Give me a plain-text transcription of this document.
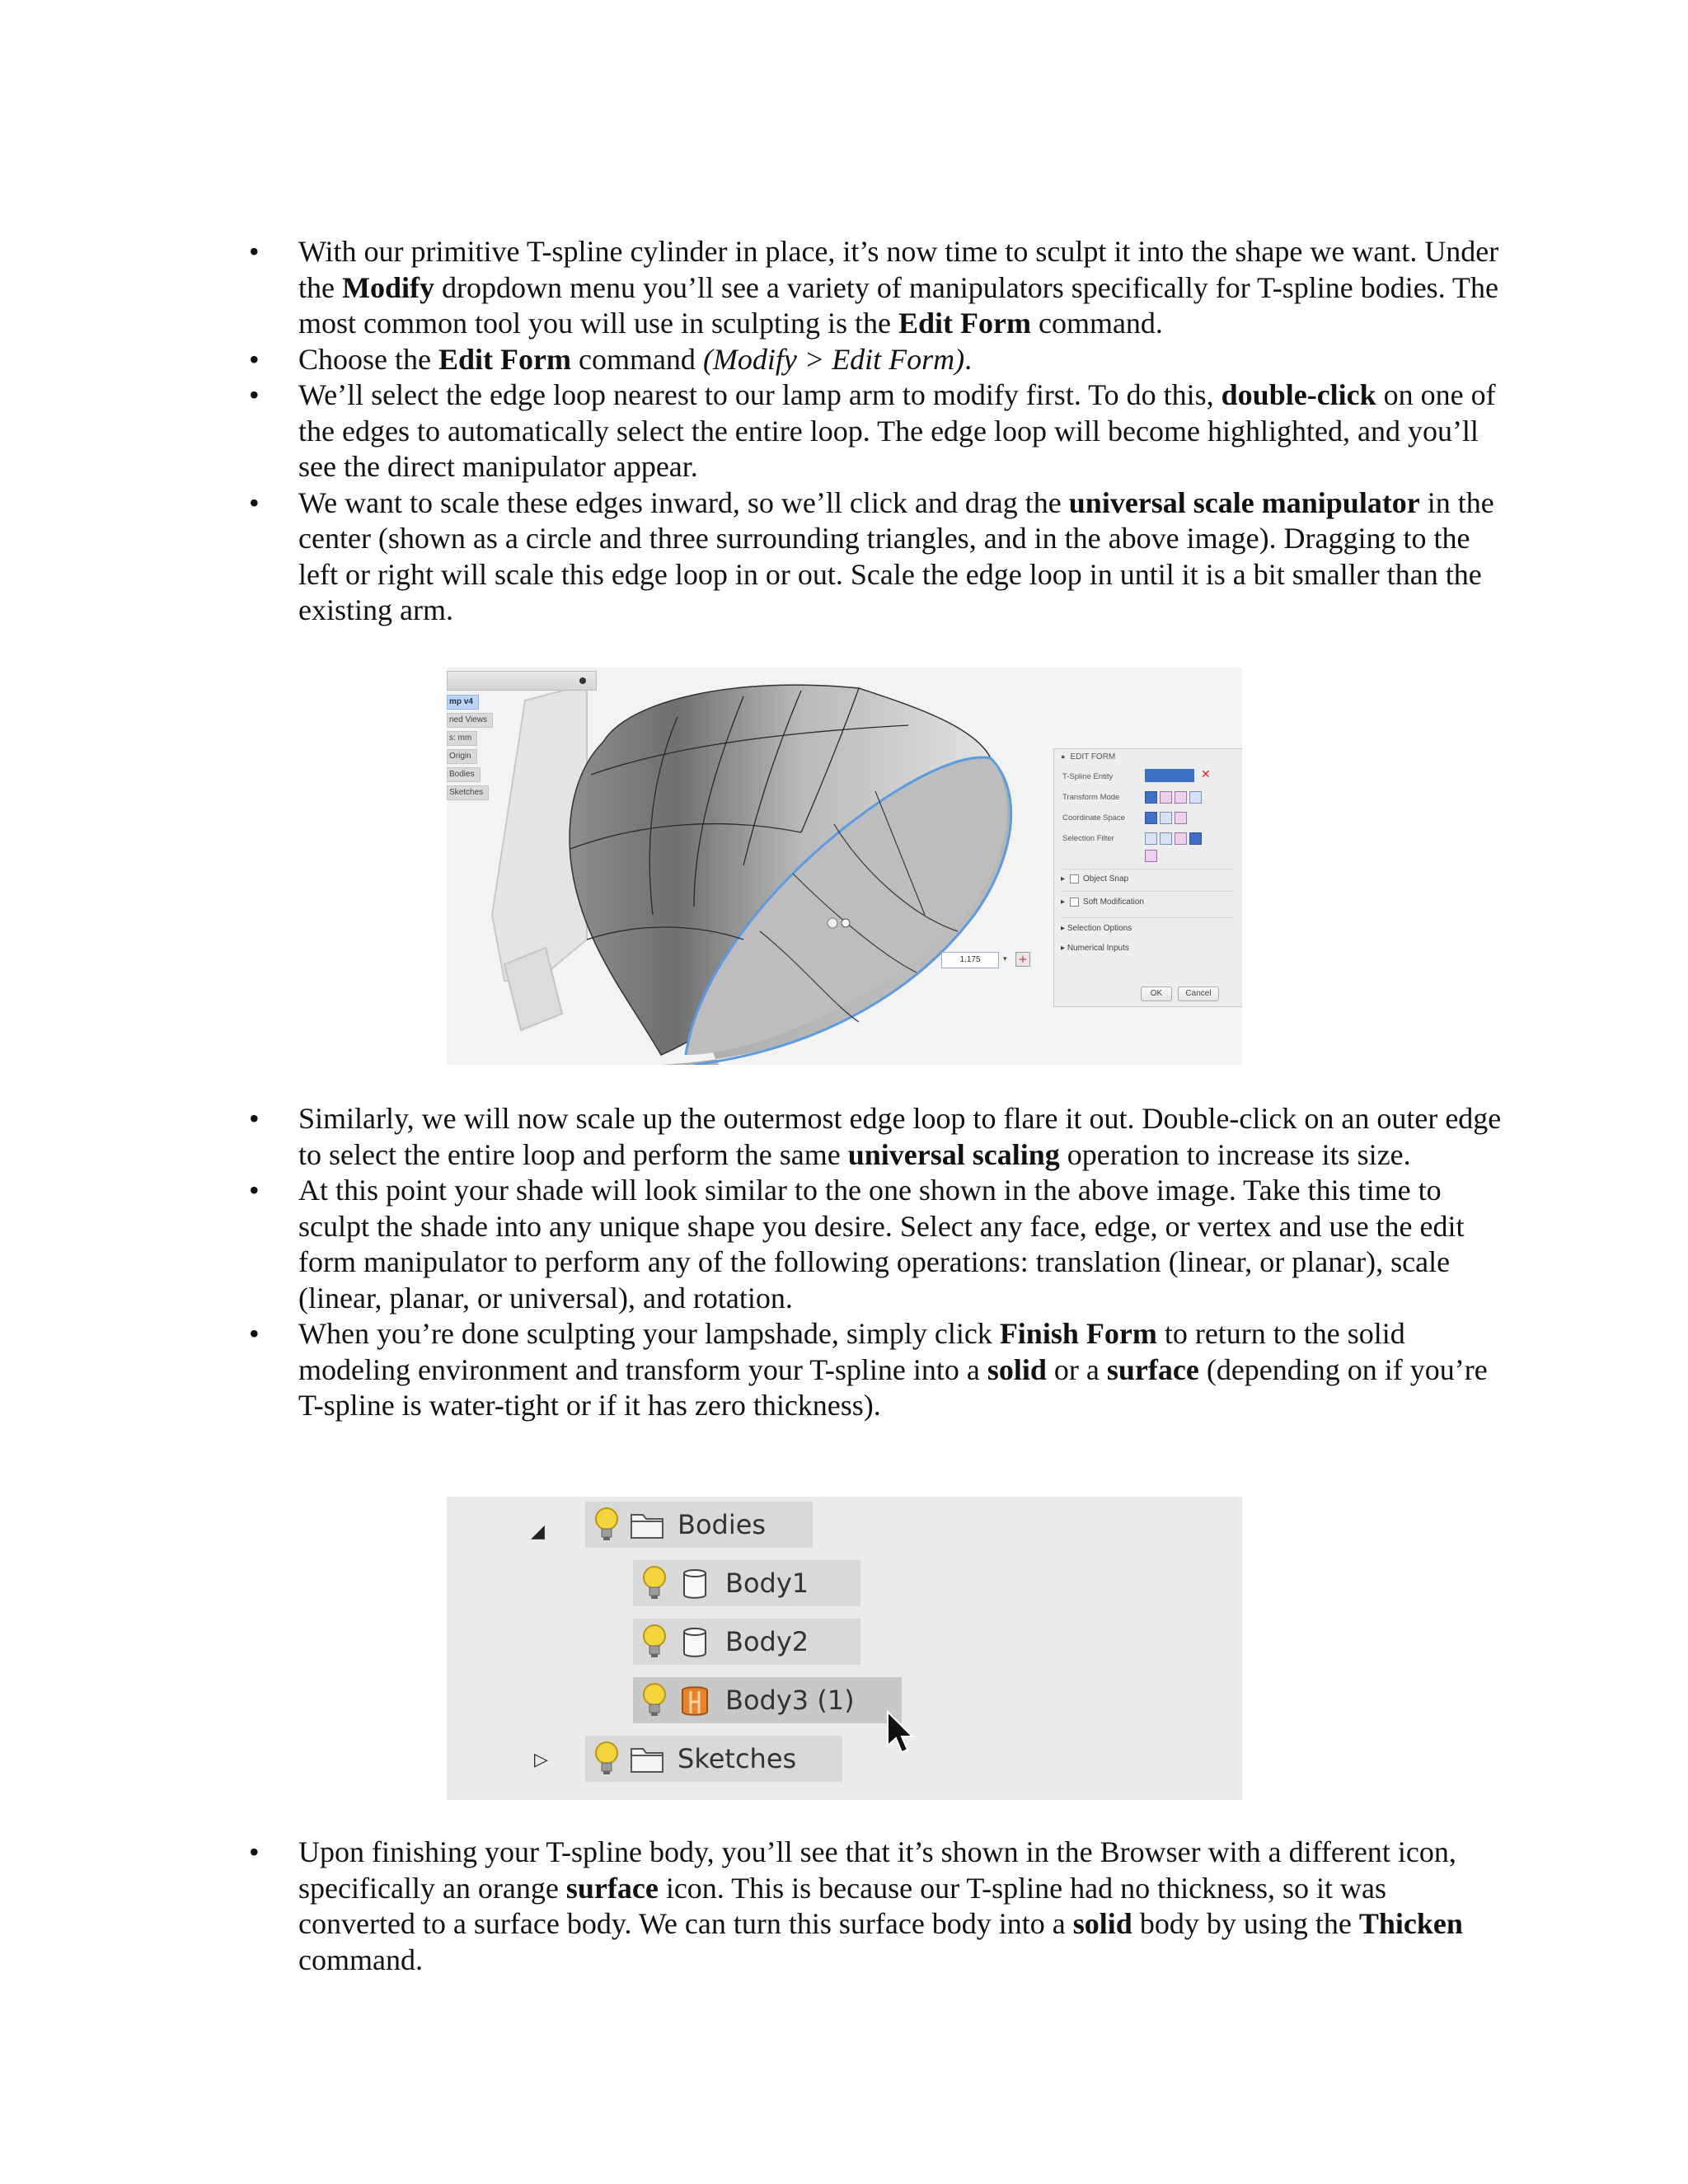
• With our primitive T-spline cylinder in place, it’s now time to sculpt it into the shape we want. Under the Modify dropdown menu you’ll see a variety of manipulators specifically for T-spline bodies. The most common tool you will use in sculpting is the Edit Form command.
• Choose the Edit Form command (Modify > Edit Form).
• We’ll select the edge loop nearest to our lamp arm to modify first. To do this, double-click on one of the edges to automatically select the entire loop. The edge loop will become highlighted, and you’ll see the direct manipulator appear.
• We want to scale these edges inward, so we’ll click and drag the universal scale manipulator in the center (shown as a circle and three surrounding triangles, and in the above image). Dragging to the left or right will scale this edge loop in or out. Scale the edge loop in until it is a bit smaller than the existing arm.
mp v4
ned Views
s: mm
Origin
Bodies
Sketches
● EDIT FORM
T-Spline Entity	✕
Transform Mode
Coordinate Space
Selection Filter
▸ Object Snap
▸ Soft Modification
▸ Selection Options
▸ Numerical Inputs
OK	Cancel
1.175	▾	+
• Similarly, we will now scale up the outermost edge loop to flare it out. Double-click on an outer edge to select the entire loop and perform the same universal scaling operation to increase its size.
• At this point your shade will look similar to the one shown in the above image. Take this time to sculpt the shade into any unique shape you desire. Select any face, edge, or vertex and use the edit form manipulator to perform any of the following operations: translation (linear, or planar), scale (linear, planar, or universal), and rotation.
• When you’re done sculpting your lampshade, simply click Finish Form to return to the solid modeling environment and transform your T-spline into a solid or a surface (depending on if you’re T-spline is water-tight or if it has zero thickness).
◢	Bodies
Body1
Body2
Body3 (1)
▷	Sketches
• Upon finishing your T-spline body, you’ll see that it’s shown in the Browser with a different icon, specifically an orange surface icon. This is because our T-spline had no thickness, so it was converted to a surface body. We can turn this surface body into a solid body by using the Thicken command.
